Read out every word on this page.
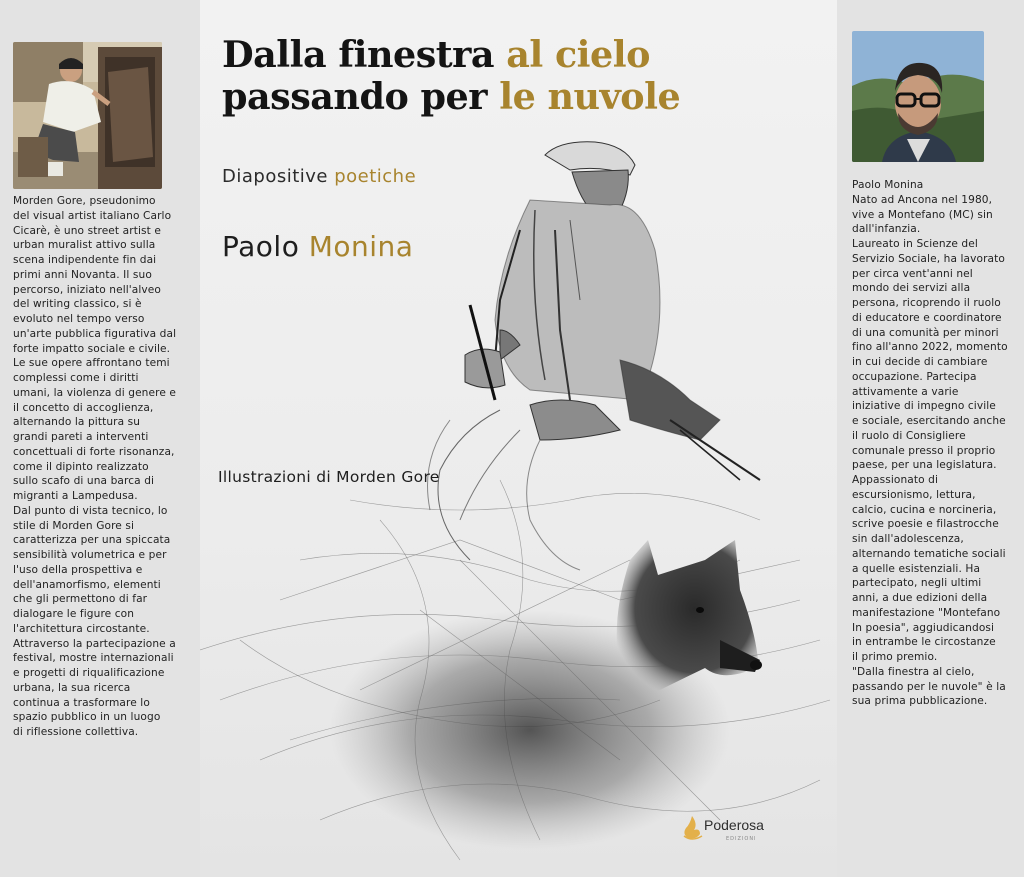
Morden Gore, pseudonimo
del visual artist italiano Carlo
Cicarè, è uno street artist e
urban muralist attivo sulla
scena indipendente fin dai
primi anni Novanta. Il suo
percorso, iniziato nell'alveo
del writing classico, si è
evoluto nel tempo verso
un'arte pubblica figurativa dal
forte impatto sociale e civile.
Le sue opere affrontano temi
complessi come i diritti
umani, la violenza di genere e
il concetto di accoglienza,
alternando la pittura su
grandi pareti a interventi
concettuali di forte risonanza,
come il dipinto realizzato
sullo scafo di una barca di
migranti a Lampedusa.
Dal punto di vista tecnico, lo
stile di Morden Gore si
caratterizza per una spiccata
sensibilità volumetrica e per
l'uso della prospettiva e
dell'anamorfismo, elementi
che gli permettono di far
dialogare le figure con
l'architettura circostante.
Attraverso la partecipazione a
festival, mostre internazionali
e progetti di riqualificazione
urbana, la sua ricerca
continua a trasformare lo
spazio pubblico in un luogo
di riflessione collettiva.
Dalla finestra al cielo
passando per le nuvole
Diapositive poetiche
Paolo Monina
Illustrazioni di Morden Gore
Poderosa
EDIZIONI
Paolo Monina
Nato ad Ancona nel 1980,
vive a Montefano (MC) sin
dall'infanzia.
Laureato in Scienze del
Servizio Sociale, ha lavorato
per circa vent'anni nel
mondo dei servizi alla
persona, ricoprendo il ruolo
di educatore e coordinatore
di una comunità per minori
fino all'anno 2022, momento
in cui decide di cambiare
occupazione. Partecipa
attivamente a varie
iniziative di impegno civile
e sociale, esercitando anche
il ruolo di Consigliere
comunale presso il proprio
paese, per una legislatura.
Appassionato di
escursionismo, lettura,
calcio, cucina e norcineria,
scrive poesie e filastrocche
sin dall'adolescenza,
alternando tematiche sociali
a quelle esistenziali. Ha
partecipato, negli ultimi
anni, a due edizioni della
manifestazione "Montefano
In poesia", aggiudicandosi
in entrambe le circostanze
il primo premio.
"Dalla finestra al cielo,
passando per le nuvole" è la
sua prima pubblicazione.
